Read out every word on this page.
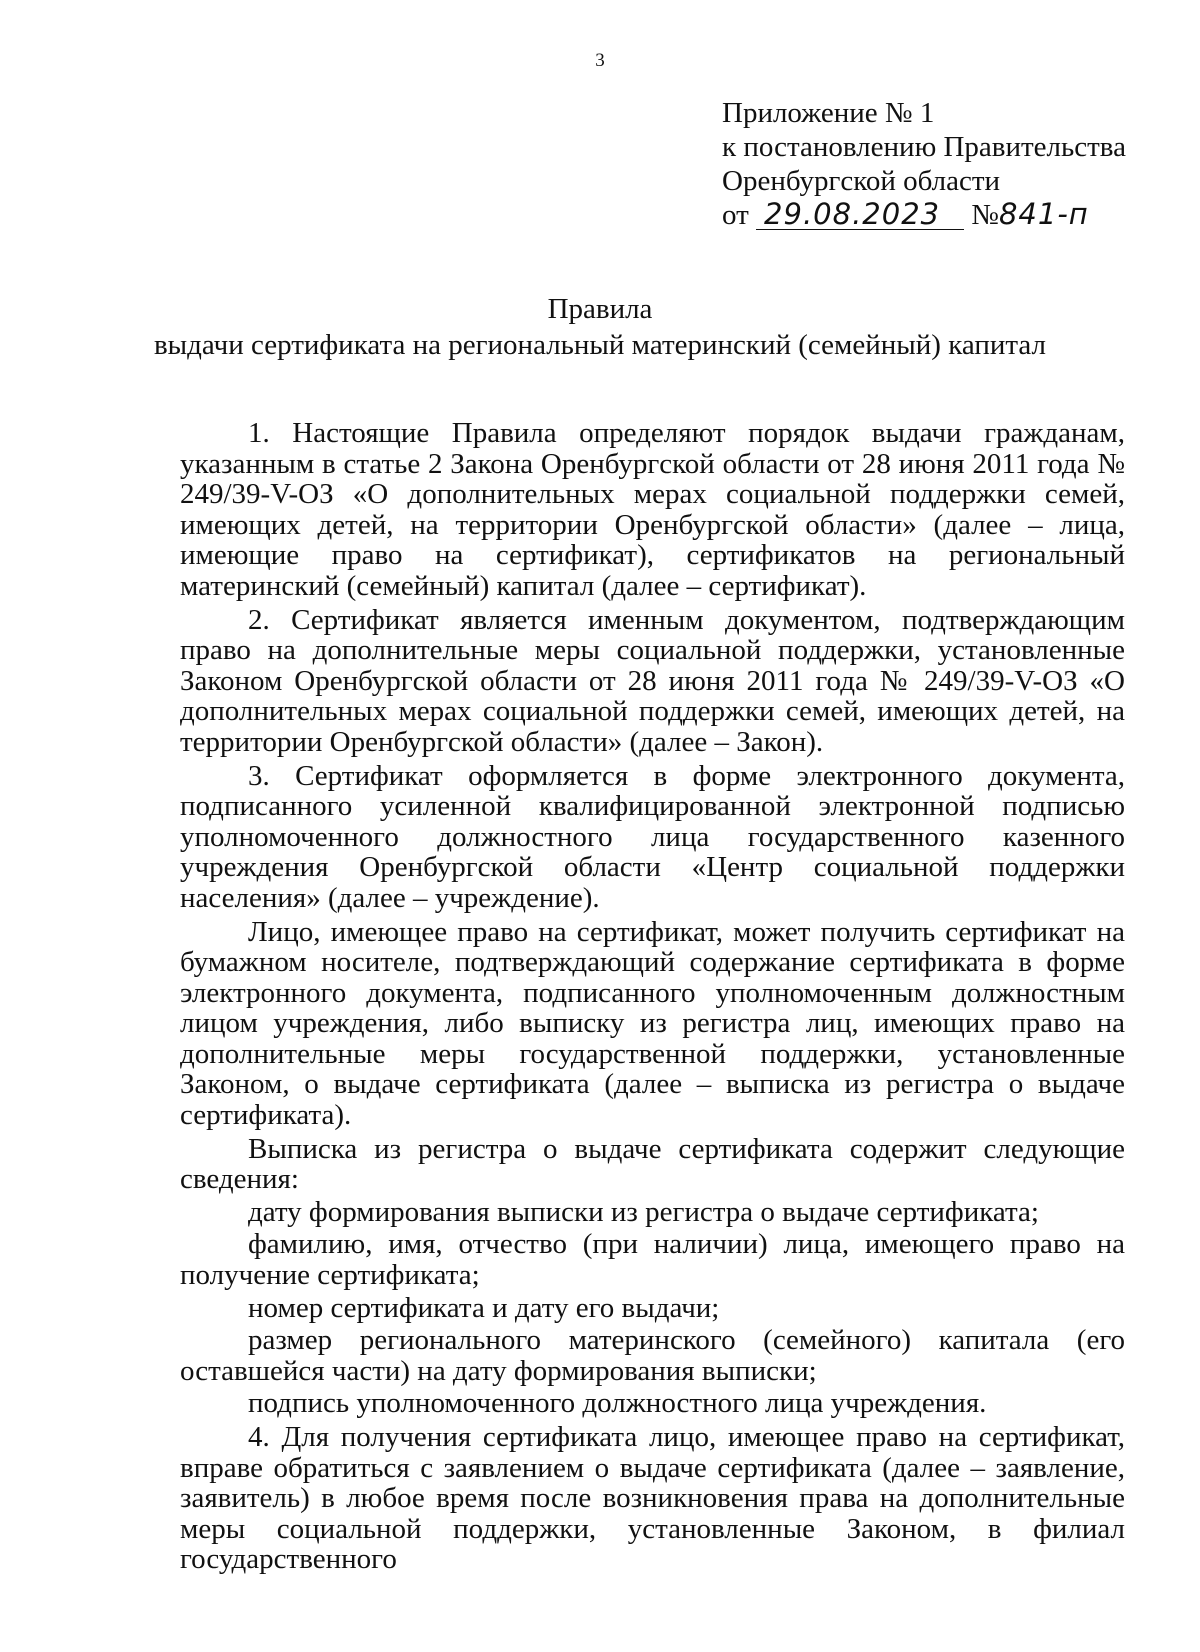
3
Приложение № 1
к постановлению Правительства
Оренбургской области
от 29.08.2023 №841-п
Правила
выдачи сертификата на региональный материнский (семейный) капитал

1. Настоящие Правила определяют порядок выдачи гражданам, указанным в статье 2 Закона Оренбургской области от 28 июня 2011 года № 249/39-V-ОЗ «О дополнительных мерах социальной поддержки семей, имеющих детей, на территории Оренбургской области» (далее – лица, имеющие право на сертификат), сертификатов на региональный материнский (семейный) капитал (далее – сертификат).

2. Сертификат является именным документом, подтверждающим право на дополнительные меры социальной поддержки, установленные Законом Оренбургской области от 28 июня 2011 года № 249/39-V-ОЗ «О дополнительных мерах социальной поддержки семей, имеющих детей, на территории Оренбургской области» (далее – Закон).

3. Сертификат оформляется в форме электронного документа, подписанного усиленной квалифицированной электронной подписью уполномоченного должностного лица государственного казенного учреждения Оренбургской области «Центр социальной поддержки населения» (далее – учреждение).

Лицо, имеющее право на сертификат, может получить сертификат на бумажном носителе, подтверждающий содержание сертификата в форме электронного документа, подписанного уполномоченным должностным лицом учреждения, либо выписку из регистра лиц, имеющих право на дополнительные меры государственной поддержки, установленные Законом, о выдаче сертификата (далее – выписка из регистра о выдаче сертификата).

Выписка из регистра о выдаче сертификата содержит следующие сведения:

дату формирования выписки из регистра о выдаче сертификата;

фамилию, имя, отчество (при наличии) лица, имеющего право на получение сертификата;

номер сертификата и дату его выдачи;

размер регионального материнского (семейного) капитала (его оставшейся части) на дату формирования выписки;

подпись уполномоченного должностного лица учреждения.

4. Для получения сертификата лицо, имеющее право на сертификат, вправе обратиться с заявлением о выдаче сертификата (далее – заявление, заявитель) в любое время после возникновения права на дополнительные меры социальной поддержки, установленные Законом, в филиал государственного
